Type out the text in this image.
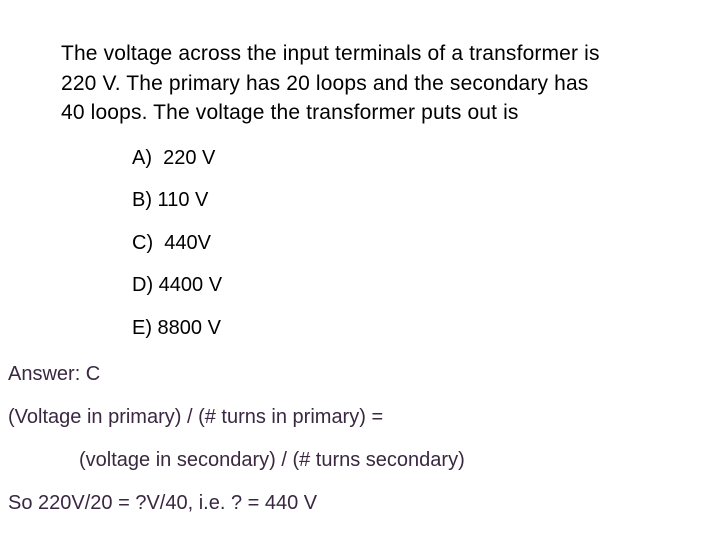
The voltage across the input terminals of a transformer is
220 V. The primary has 20 loops and the secondary has
40 loops. The voltage the transformer puts out is
A)  220 V
B) 110 V
C)  440V
D) 4400 V
E) 8800 V
Answer: C
(Voltage in primary) / (# turns in primary) =
(voltage in secondary) / (# turns secondary)
So 220V/20 = ?V/40, i.e. ? = 440 V
